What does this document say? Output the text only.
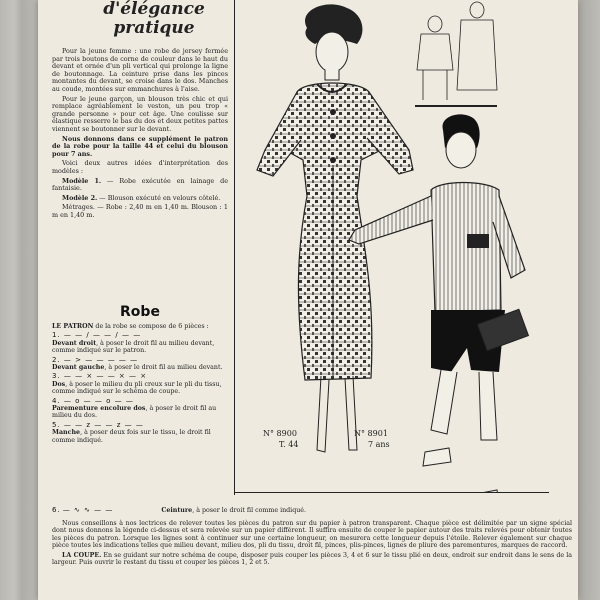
d'élégance
pratique

Pour la jeune femme : une robe de jersey fermée par trois boutons de corne de couleur dans le haut du devant et ornée d'un pli vertical qui prolonge la ligne de boutonnage. La ceinture prise dans les pinces montantes du devant, se croise dans le dos. Manches au coude, montées sur emmanchures à l'aise.

Pour le jeune garçon, un blouson très chic et qui remplace agréablement le veston, un peu trop « grande personne » pour cet âge. Une coulisse sur élastique resserre le bas du dos et deux petites pattes viennent se boutonner sur le devant.

Nous donnons dans ce supplément le patron de la robe pour la taille 44 et celui du blouson pour 7 ans.

Voici deux autres idées d'interprétation des modèles :

Modèle 1. — Robe exécutée en lainage de fantaisie.

Modèle 2. — Blouson exécuté en velours côtelé.

Métrages. — Robe : 2,40 m en 1,40 m. Blouson : 1 m en 1,40 m.

Robe
LE PATRON de la robe se compose de 6 pièces :
1. — — / — — / — —
Devant droit, à poser le droit fil au milieu devant, comme indiqué sur le patron.
2. — > — — — — —
Devant gauche, à poser le droit fil au milieu devant.
3. — — × — — × — ×
Dos, à poser le milieu du pli creux sur le pli du tissu, comme indiqué sur le schéma de coupe.
4. — o — — o — —
Parementure encolure dos, à poser le droit fil au milieu du dos.
5. — — z — — z — —
Manche, à poser deux fois sur le tissu, le droit fil comme indiqué.
6. — ∿ ∿ — —	Ceinture, à poser le droit fil comme indiqué.

Nous conseillons à nos lectrices de relever toutes les pièces du patron sur du papier à patron transparent. Chaque pièce est délimitée par un signe spécial dont nous donnons la légende ci-dessus et sera relevée sur un papier différent. Il suffira ensuite de couper le papier autour des traits relevés pour obtenir toutes les pièces du patron. Lorsque les lignes sont à continuer sur une certaine longueur, on mesurera cette longueur depuis l'étoile. Relever également sur chaque pièce toutes les indications telles que milieu devant, milieu dos, pli du tissu, droit fil, pinces, plis-pinces, lignes de pliure des parementures, marques de raccord.

LA COUPE. En se guidant sur notre schéma de coupe, disposer puis couper les pièces 3, 4 et 6 sur le tissu plié en deux, endroit sur endroit dans le sens de la largeur. Puis ouvrir le restant du tissu et couper les pièces 1, 2 et 5.

N° 8900
T. 44
N° 8901
7 ans
